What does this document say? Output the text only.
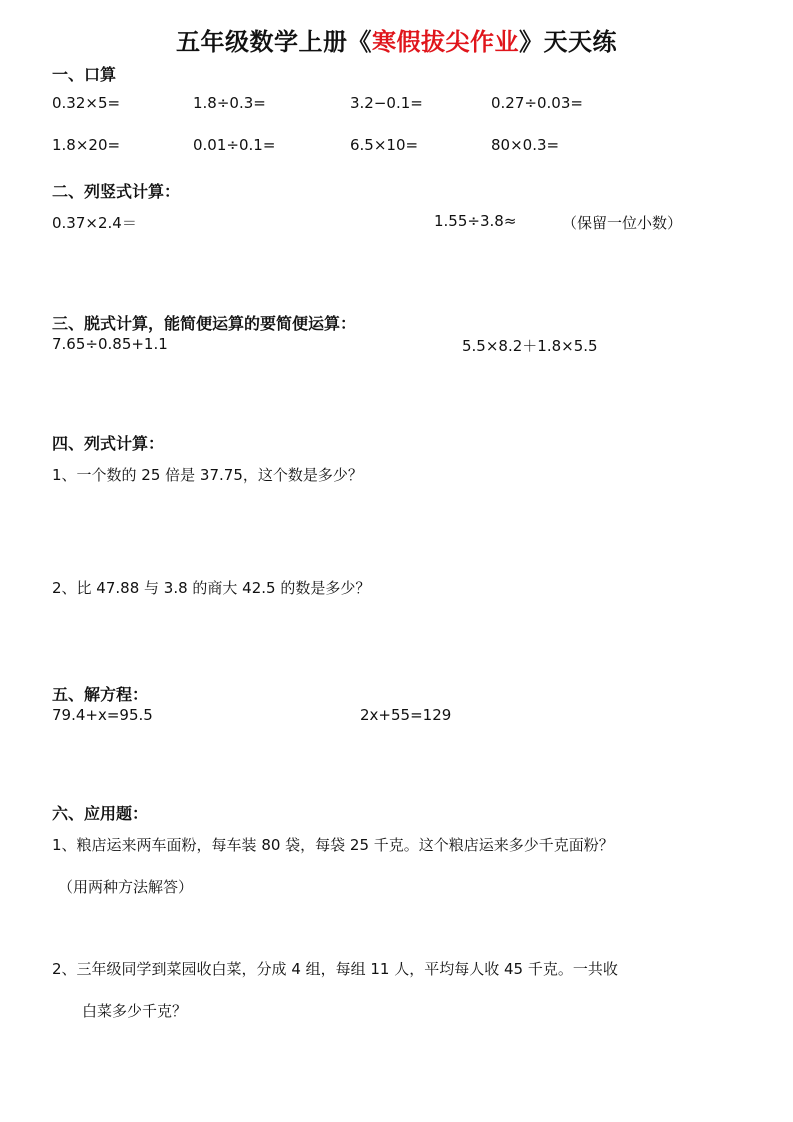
五年级数学上册《寒假拔尖作业》天天练
一、口算
0.32×5=	1.8÷0.3=	3.2−0.1=	0.27÷0.03=
1.8×20=	0.01÷0.1=	6.5×10=	80×0.3=
二、列竖式计算：
0.37×2.4＝	1.55÷3.8≈	（保留一位小数）
三、脱式计算，能简便运算的要简便运算：
7.65÷0.85+1.1	5.5×8.2＋1.8×5.5
四、列式计算：
1、一个数的 25 倍是 37.75，这个数是多少？
2、比 47.88 与 3.8 的商大 42.5 的数是多少？
五、解方程：
79.4+x=95.5	2x+55=129
六、应用题：
1、粮店运来两车面粉，每车装 80 袋，每袋 25 千克。这个粮店运来多少千克面粉？
（用两种方法解答）
2、三年级同学到菜园收白菜，分成 4 组，每组 11 人，平均每人收 45 千克。一共收
白菜多少千克？
